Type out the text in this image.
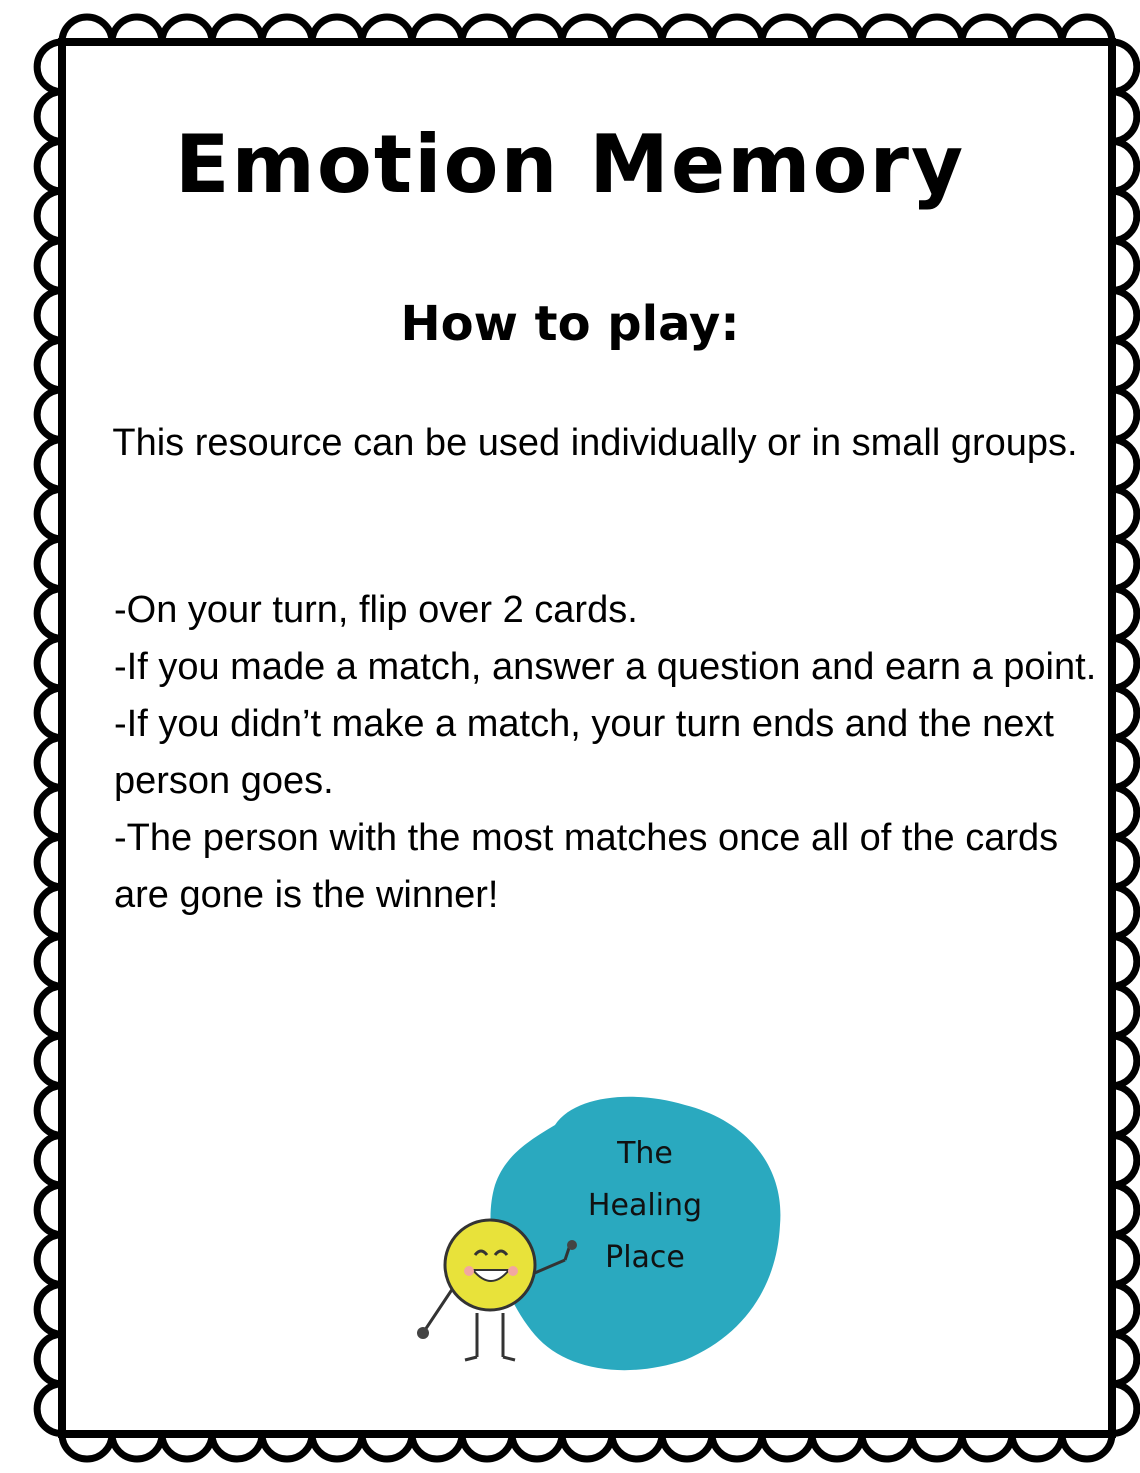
Emotion Memory
How to play:
This resource can be used individually or in small groups.
-On your turn, flip over 2 cards.
-If you made a match, answer a question and earn a point.
-If you didn’t make a match, your turn ends and the next person goes.
-The person with the most matches once all of the cards are gone is the winner!
The
Healing
Place
